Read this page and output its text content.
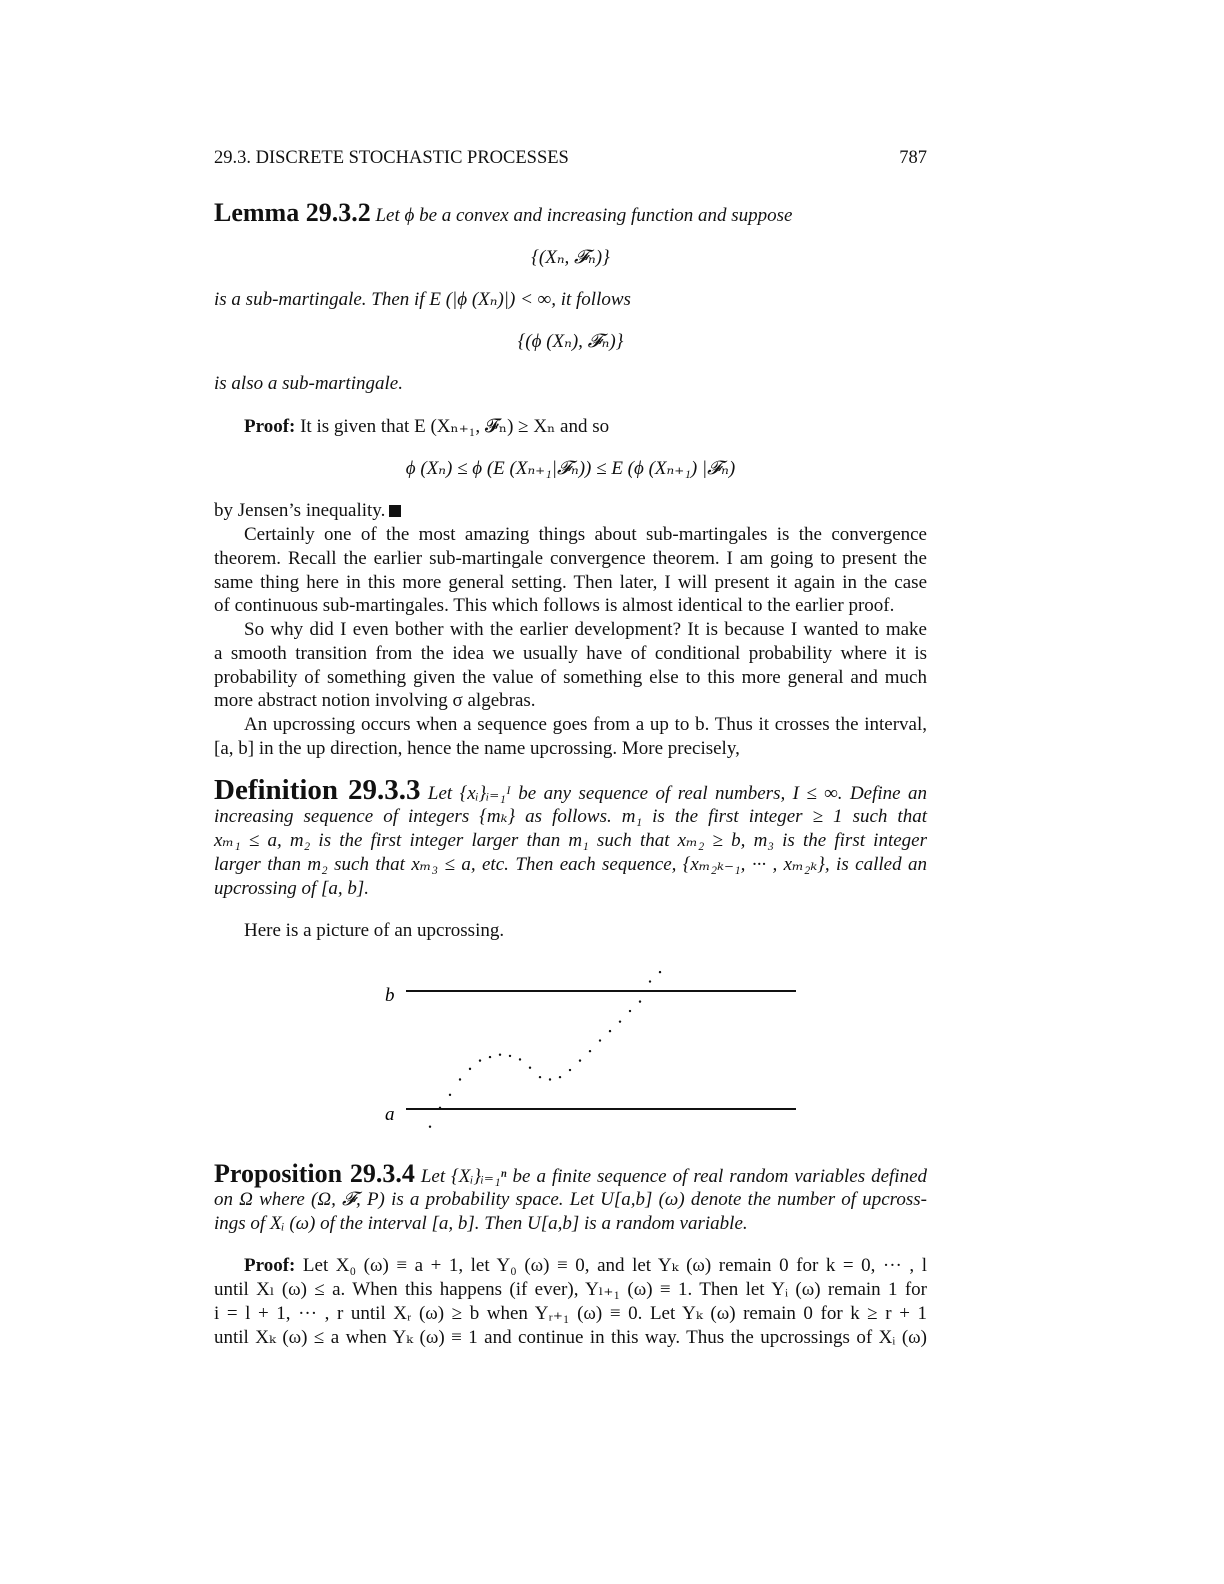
29.3. DISCRETE STOCHASTIC PROCESSES	787
Lemma 29.3.2 Let ϕ be a convex and increasing function and suppose
{(Xₙ, 𝓕ₙ)}
is a sub-martingale. Then if E (|ϕ (Xₙ)|) < ∞, it follows
{(ϕ (Xₙ), 𝓕ₙ)}
is also a sub-martingale.
Proof: It is given that E (Xₙ₊₁, 𝓕ₙ) ≥ Xₙ and so
ϕ (Xₙ) ≤ ϕ (E (Xₙ₊₁|𝓕ₙ)) ≤ E (ϕ (Xₙ₊₁) |𝓕ₙ)
by Jensen’s inequality.
Certainly one of the most amazing things about sub-martingales is the convergence
theorem. Recall the earlier sub-martingale convergence theorem. I am going to present the
same thing here in this more general setting. Then later, I will present it again in the case
of continuous sub-martingales. This which follows is almost identical to the earlier proof.
So why did I even bother with the earlier development? It is because I wanted to make
a smooth transition from the idea we usually have of conditional probability where it is
probability of something given the value of something else to this more general and much
more abstract notion involving σ algebras.
An upcrossing occurs when a sequence goes from a up to b. Thus it crosses the interval,
[a, b] in the up direction, hence the name upcrossing. More precisely,
Definition 29.3.3 Let {xᵢ}ᵢ₌₁ᴵ be any sequence of real numbers, I ≤ ∞. Define an
increasing sequence of integers {mₖ} as follows. m₁ is the first integer ≥ 1 such that
xₘ₁ ≤ a, m₂ is the first integer larger than m₁ such that xₘ₂ ≥ b, m₃ is the first integer
larger than m₂ such that xₘ₃ ≤ a, etc. Then each sequence, {xₘ₂ₖ₋₁, ··· , xₘ₂ₖ}, is called an
upcrossing of [a, b].
Here is a picture of an upcrossing.
b
a
Proposition 29.3.4 Let {Xᵢ}ᵢ₌₁ⁿ be a finite sequence of real random variables defined
on Ω where (Ω, 𝓕, P) is a probability space. Let U[a,b] (ω) denote the number of upcross-
ings of Xᵢ (ω) of the interval [a, b]. Then U[a,b] is a random variable.
Proof: Let X₀ (ω) ≡ a + 1, let Y₀ (ω) ≡ 0, and let Yₖ (ω) remain 0 for k = 0, ··· , l
until Xₗ (ω) ≤ a. When this happens (if ever), Yₗ₊₁ (ω) ≡ 1. Then let Yᵢ (ω) remain 1 for
i = l + 1, ··· , r until Xᵣ (ω) ≥ b when Yᵣ₊₁ (ω) ≡ 0. Let Yₖ (ω) remain 0 for k ≥ r + 1
until Xₖ (ω) ≤ a when Yₖ (ω) ≡ 1 and continue in this way. Thus the upcrossings of Xᵢ (ω)
